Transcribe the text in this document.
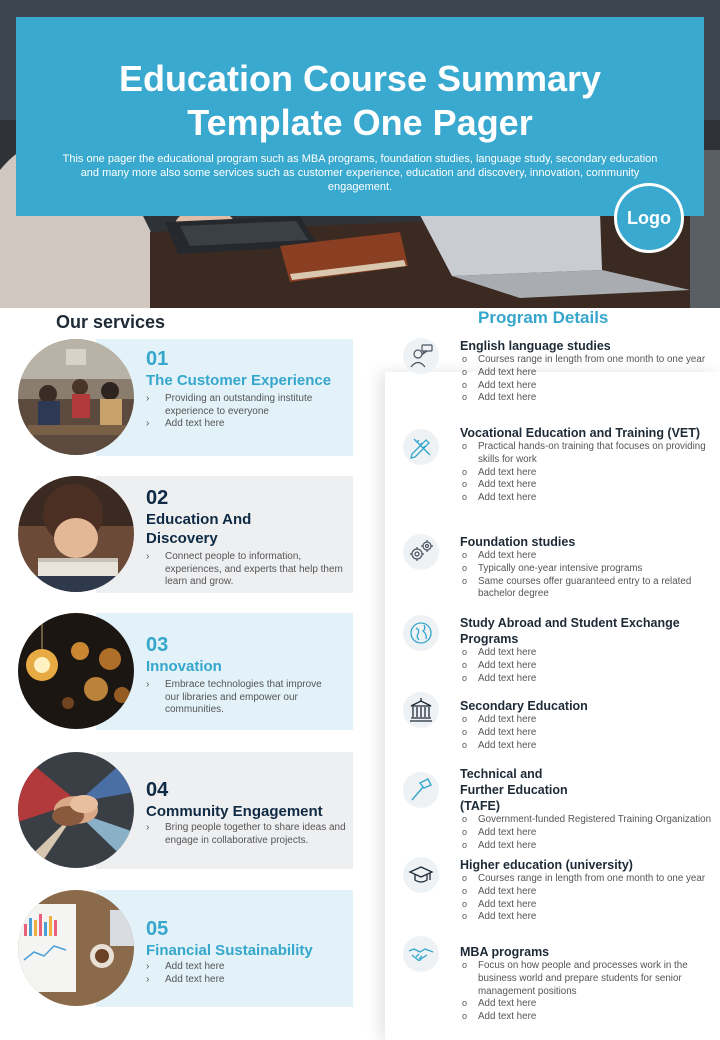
Education Course Summary
Template One Pager
This one pager the educational program such as MBA programs, foundation studies, language study, secondary education and many more also some services such as customer experience, education and discovery, innovation, community engagement.
Logo
Our services
01
The Customer Experience
› Providing an outstanding institute experience to everyone
› Add text here
02
Education And Discovery
› Connect people to information, experiences, and experts that help them learn and grow.
03
Innovation
› Embrace technologies that improve our libraries and empower our communities.
04
Community Engagement
› Bring people together to share ideas and engage in collaborative projects.
05
Financial Sustainability
› Add text here
› Add text here
Program Details
English language studies
o Courses range in length from one month to one year
o Add text here
o Add text here
o Add text here
Vocational Education and Training (VET)
o Practical hands-on training that focuses on providing skills for work
o Add text here
o Add text here
o Add text here
Foundation studies
o Add text here
o Typically one-year intensive programs
o Same courses offer guaranteed entry to a related bachelor degree
Study Abroad and Student Exchange Programs
o Add text here
o Add text here
o Add text here
Secondary Education
o Add text here
o Add text here
o Add text here
Technical and Further Education (TAFE)
o Government-funded Registered Training Organization
o Add text here
o Add text here
Higher education (university)
o Courses range in length from one month to one year
o Add text here
o Add text here
o Add text here
MBA programs
o Focus on how people and processes work in the business world and prepare students for senior management positions
o Add text here
o Add text here
